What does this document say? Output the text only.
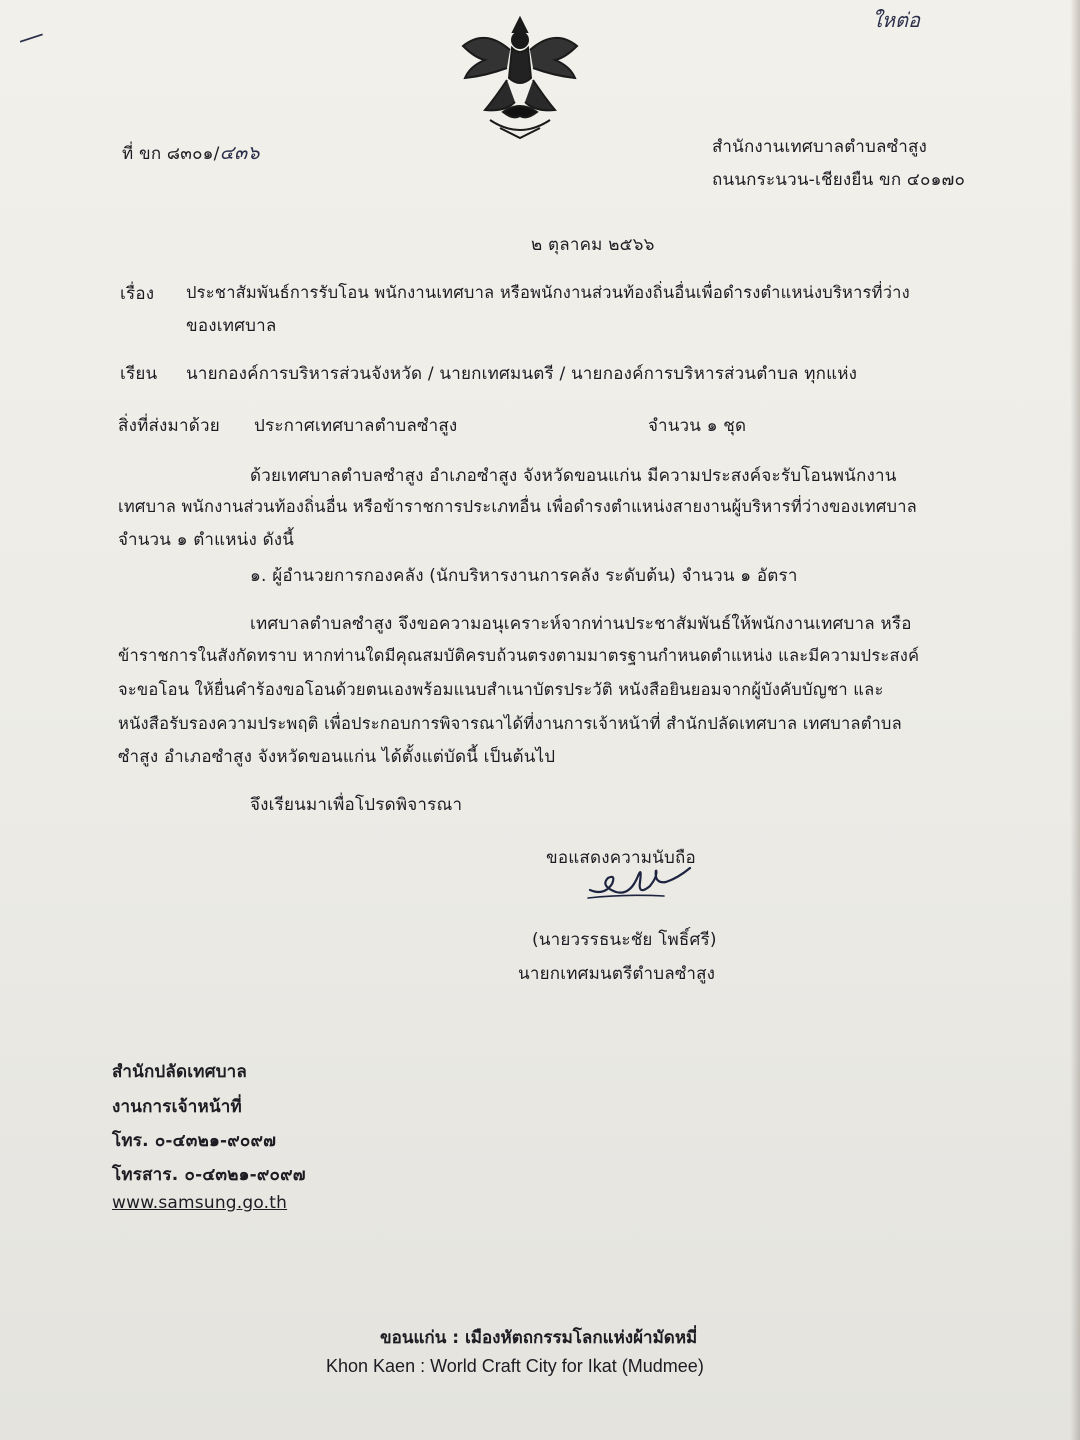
—	ใหต่อ
ที่ ขก ๘๓๐๑/๔๓๖	สำนักงานเทศบาลตำบลซำสูง
ถนนกระนวน-เชียงยืน ขก ๔๐๑๗๐
๒ ตุลาคม ๒๕๖๖
เรื่อง ประชาสัมพันธ์การรับโอน พนักงานเทศบาล หรือพนักงานส่วนท้องถิ่นอื่นเพื่อดำรงตำแหน่งบริหารที่ว่าง
ของเทศบาล
เรียน นายกองค์การบริหารส่วนจังหวัด / นายกเทศมนตรี / นายกองค์การบริหารส่วนตำบล ทุกแห่ง
สิ่งที่ส่งมาด้วย ประกาศเทศบาลตำบลซำสูง	จำนวน ๑ ชุด
ด้วยเทศบาลตำบลซำสูง อำเภอซำสูง จังหวัดขอนแก่น มีความประสงค์จะรับโอนพนักงาน
เทศบาล พนักงานส่วนท้องถิ่นอื่น หรือข้าราชการประเภทอื่น เพื่อดำรงตำแหน่งสายงานผู้บริหารที่ว่างของเทศบาล
จำนวน ๑ ตำแหน่ง ดังนี้
๑. ผู้อำนวยการกองคลัง (นักบริหารงานการคลัง ระดับต้น) จำนวน ๑ อัตรา
เทศบาลตำบลซำสูง จึงขอความอนุเคราะห์จากท่านประชาสัมพันธ์ให้พนักงานเทศบาล หรือ
ข้าราชการในสังกัดทราบ หากท่านใดมีคุณสมบัติครบถ้วนตรงตามมาตรฐานกำหนดตำแหน่ง และมีความประสงค์
จะขอโอน ให้ยื่นคำร้องขอโอนด้วยตนเองพร้อมแนบสำเนาบัตรประวัติ หนังสือยินยอมจากผู้บังคับบัญชา และ
หนังสือรับรองความประพฤติ เพื่อประกอบการพิจารณาได้ที่งานการเจ้าหน้าที่ สำนักปลัดเทศบาล เทศบาลตำบล
ซำสูง อำเภอซำสูง จังหวัดขอนแก่น ได้ตั้งแต่บัดนี้ เป็นต้นไป
จึงเรียนมาเพื่อโปรดพิจารณา
ขอแสดงความนับถือ
(นายวรรธนะชัย โพธิ์ศรี)
นายกเทศมนตรีตำบลซำสูง
สำนักปลัดเทศบาล
งานการเจ้าหน้าที่
โทร. ๐-๔๓๒๑-๙๐๙๗
โทรสาร. ๐-๔๓๒๑-๙๐๙๗
www.samsung.go.th
ขอนแก่น : เมืองหัตถกรรมโลกแห่งผ้ามัดหมี่
Khon Kaen : World Craft City for Ikat (Mudmee)
